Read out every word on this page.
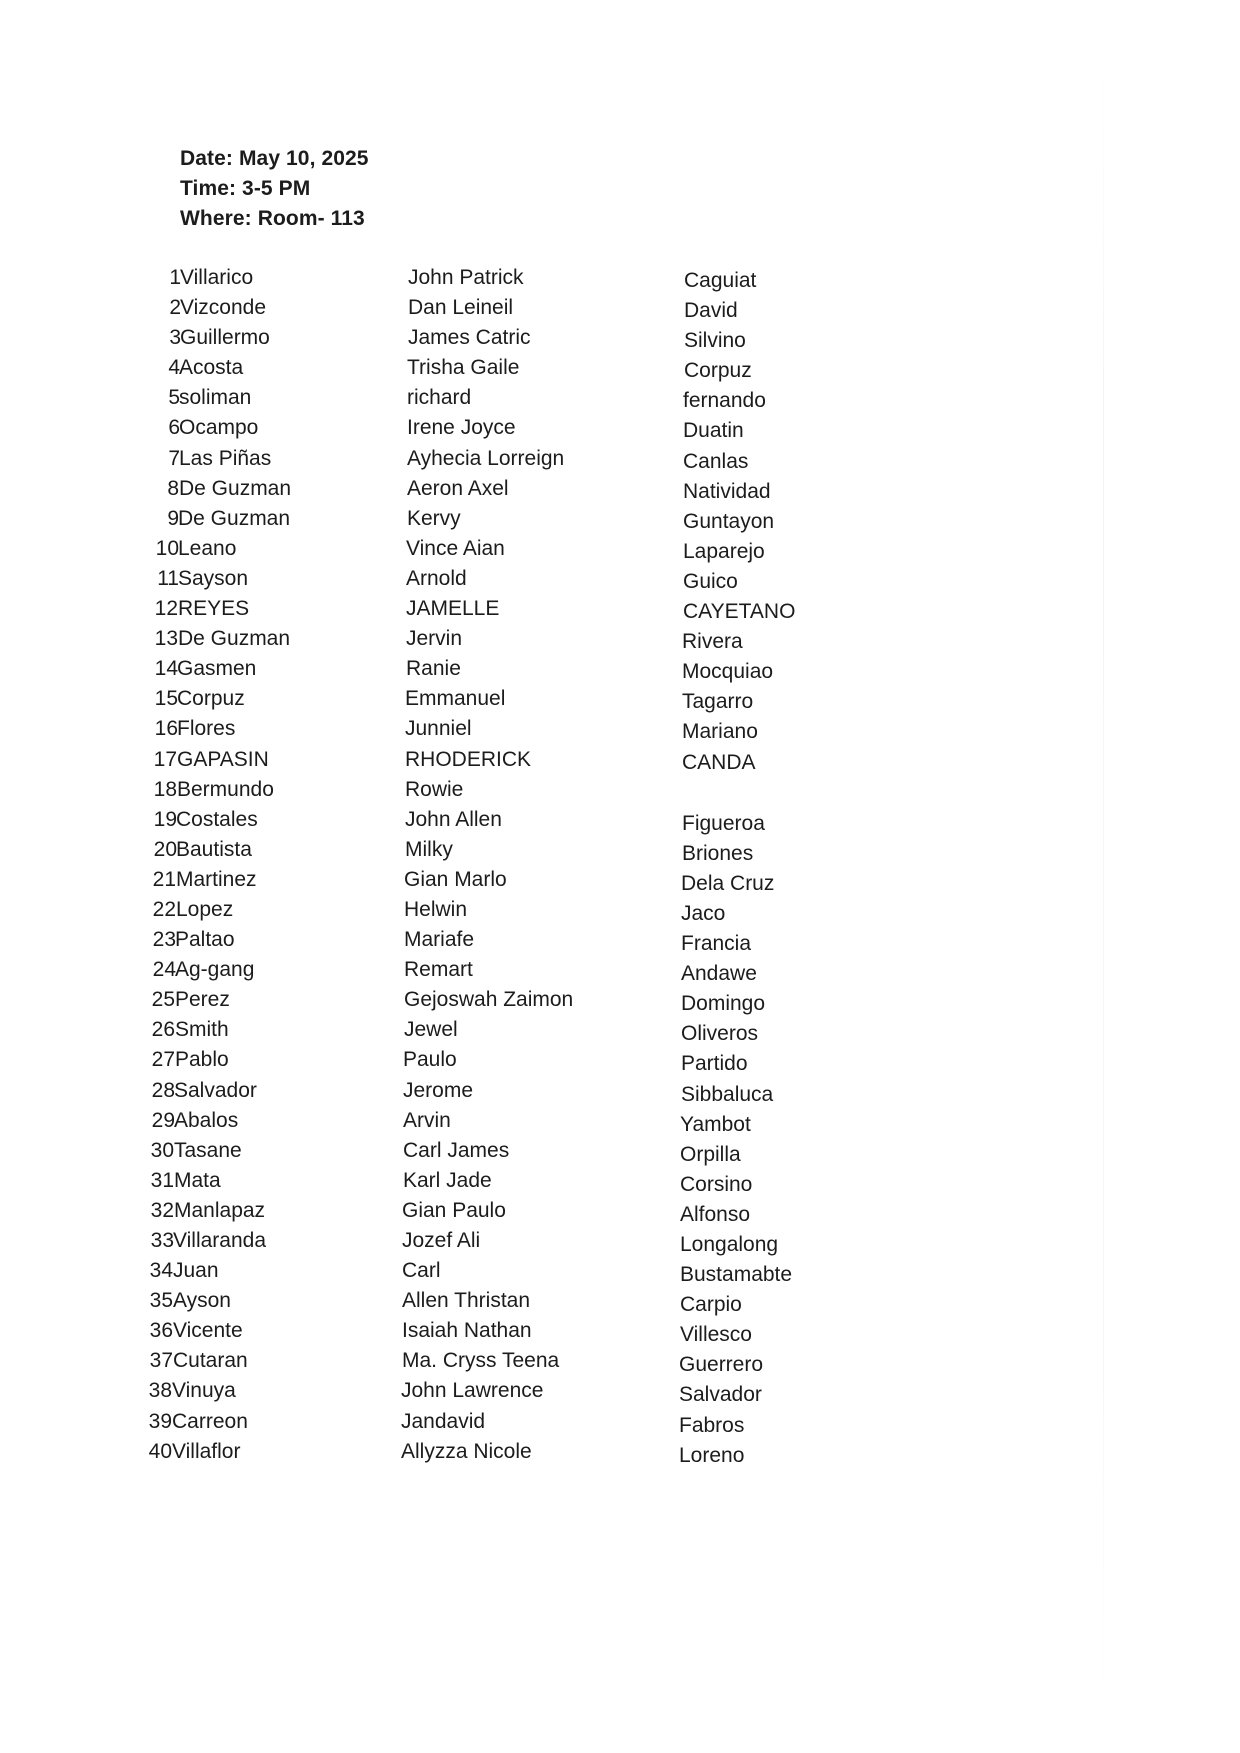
Date: May 10, 2025
Time: 3-5 PM
Where: Room- 113
1 Villarico	John Patrick	Caguiat
2 Vizconde	Dan Leineil	David
3 Guillermo	James Catric	Silvino
4 Acosta	Trisha Gaile	Corpuz
5 soliman	richard	fernando
6 Ocampo	Irene Joyce	Duatin
7 Las Piñas	Ayhecia Lorreign	Canlas
8 De Guzman	Aeron Axel	Natividad
9 De Guzman	Kervy	Guntayon
10 Leano	Vince Aian	Laparejo
11 Sayson	Arnold	Guico
12 REYES	JAMELLE	CAYETANO
13 De Guzman	Jervin	Rivera
14 Gasmen	Ranie	Mocquiao
15 Corpuz	Emmanuel	Tagarro
16 Flores	Junniel	Mariano
17 GAPASIN	RHODERICK	CANDA
18 Bermundo	Rowie
19 Costales	John Allen	Figueroa
20 Bautista	Milky	Briones
21 Martinez	Gian Marlo	Dela Cruz
22 Lopez	Helwin	Jaco
23 Paltao	Mariafe	Francia
24 Ag-gang	Remart	Andawe
25 Perez	Gejoswah Zaimon	Domingo
26 Smith	Jewel	Oliveros
27 Pablo	Paulo	Partido
28 Salvador	Jerome	Sibbaluca
29 Abalos	Arvin	Yambot
30 Tasane	Carl James	Orpilla
31 Mata	Karl Jade	Corsino
32 Manlapaz	Gian Paulo	Alfonso
33 Villaranda	Jozef Ali	Longalong
34 Juan	Carl	Bustamabte
35 Ayson	Allen Thristan	Carpio
36 Vicente	Isaiah Nathan	Villesco
37 Cutaran	Ma. Cryss Teena	Guerrero
38 Vinuya	John Lawrence	Salvador
39 Carreon	Jandavid	Fabros
40 Villaflor	Allyzza Nicole	Loreno
